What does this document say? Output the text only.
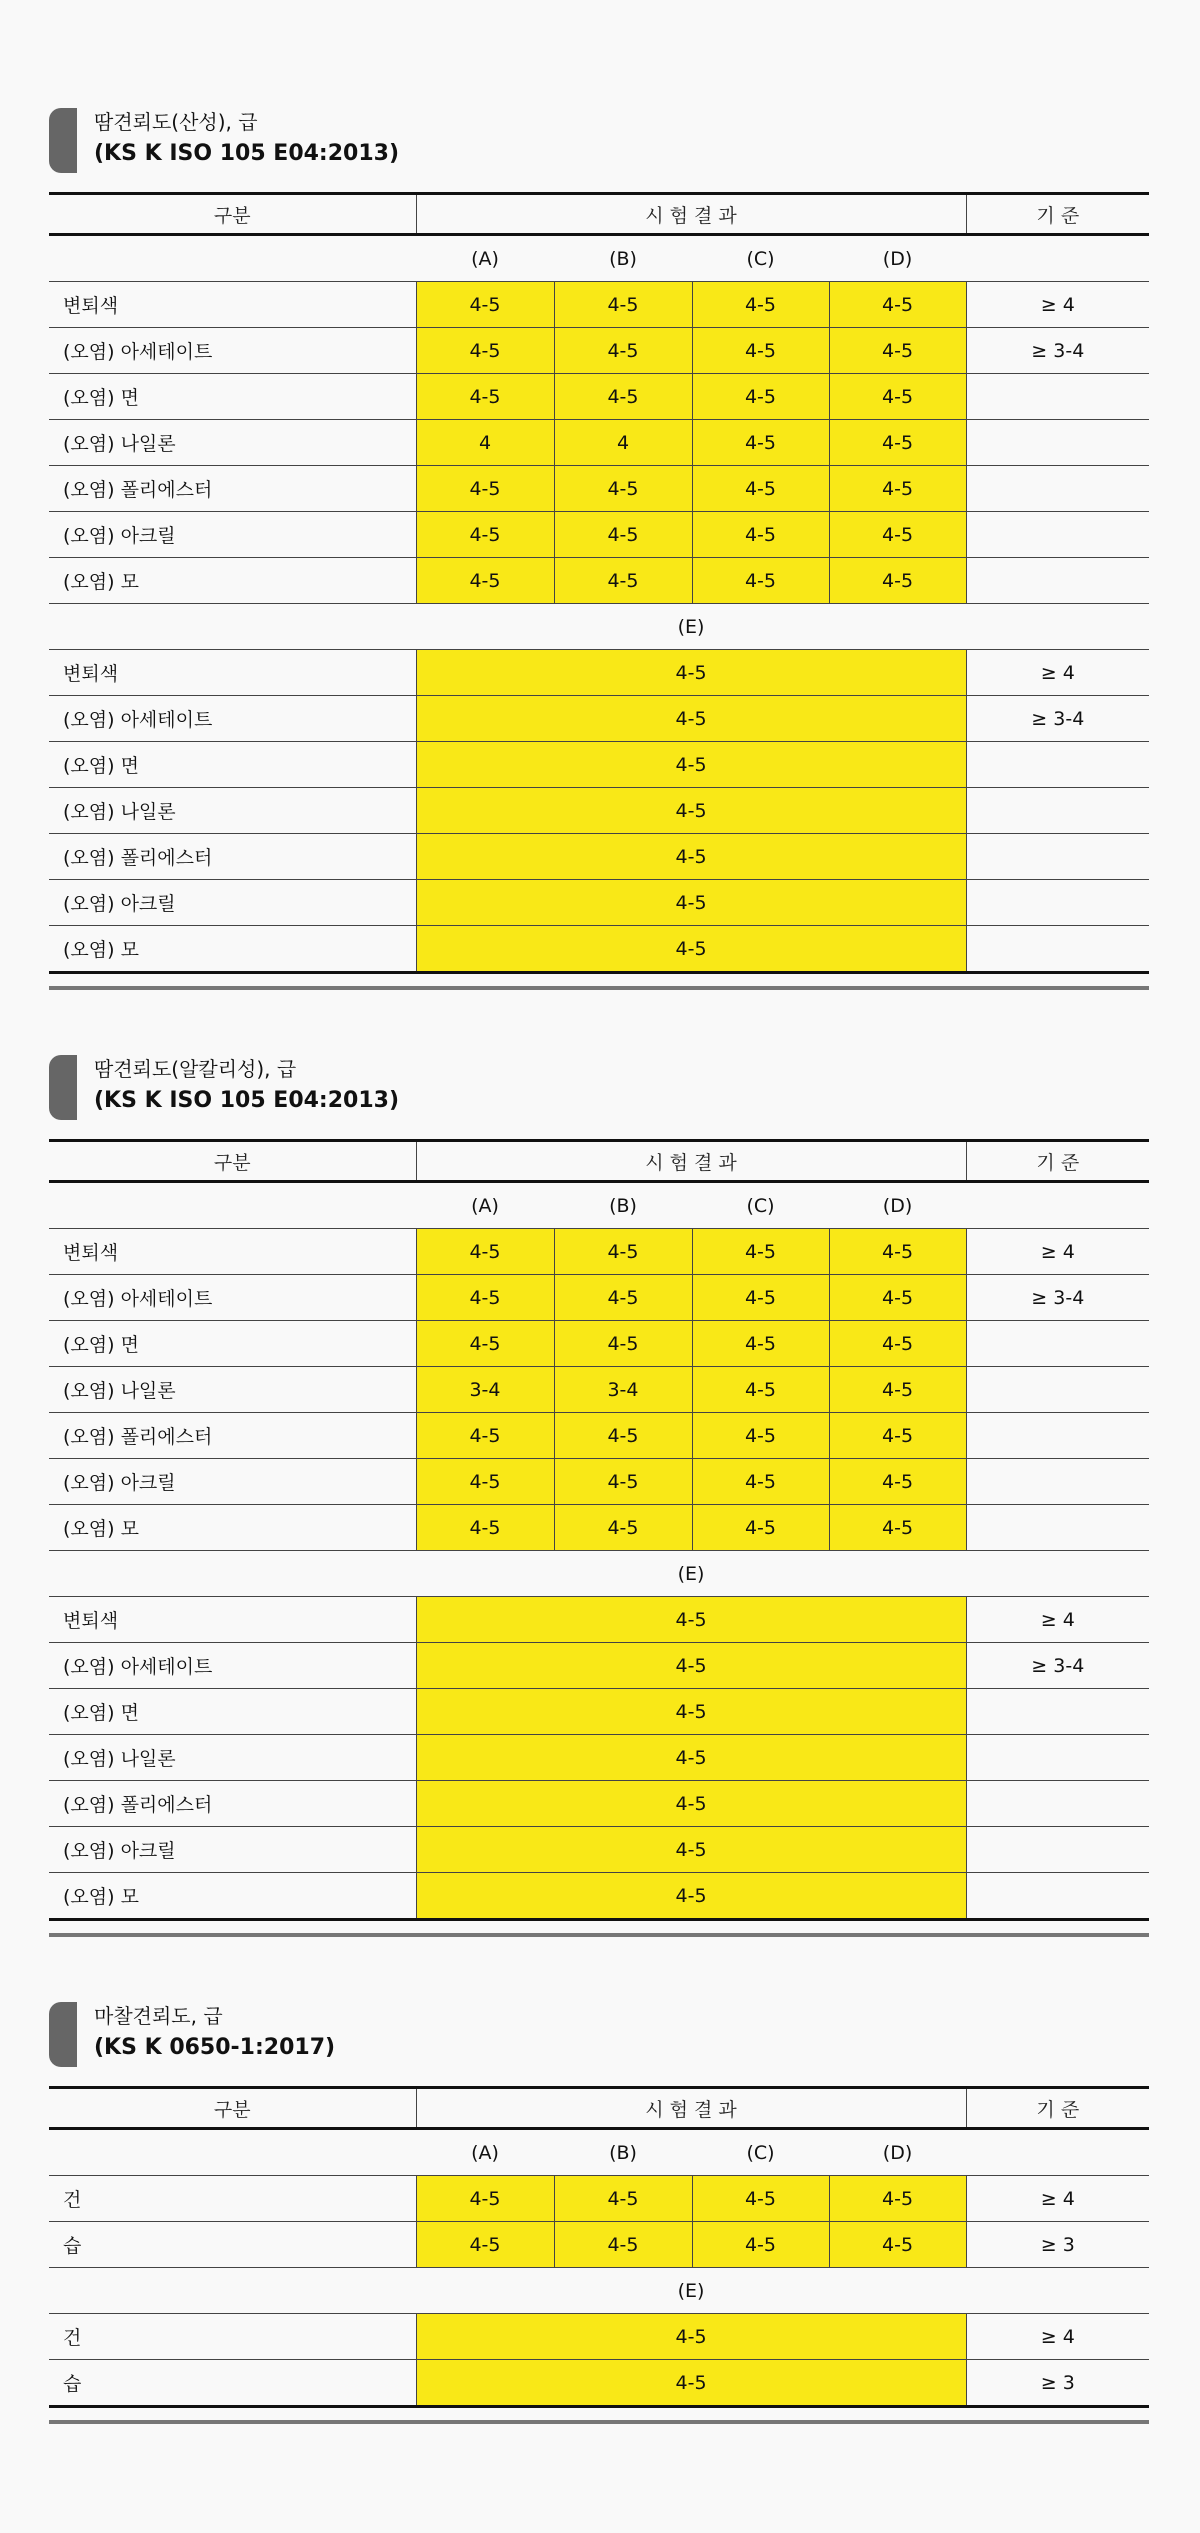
땀견뢰도(산성), 급
(KS K ISO 105 E04:2013)
구분	시 험 결 과				기 준
	(A)	(B)	(C)	(D)	
변퇴색	4-5	4-5	4-5	4-5	≥ 4
(오염) 아세테이트	4-5	4-5	4-5	4-5	≥ 3-4
(오염) 면	4-5	4-5	4-5	4-5	
(오염) 나일론	4	4	4-5	4-5	
(오염) 폴리에스터	4-5	4-5	4-5	4-5	
(오염) 아크릴	4-5	4-5	4-5	4-5	
(오염) 모	4-5	4-5	4-5	4-5	
	(E)				
변퇴색	4-5				≥ 4
(오염) 아세테이트	4-5				≥ 3-4
(오염) 면	4-5				
(오염) 나일론	4-5				
(오염) 폴리에스터	4-5				
(오염) 아크릴	4-5				
(오염) 모	4-5				
땀견뢰도(알칼리성), 급
(KS K ISO 105 E04:2013)
구분	시 험 결 과				기 준
	(A)	(B)	(C)	(D)	
변퇴색	4-5	4-5	4-5	4-5	≥ 4
(오염) 아세테이트	4-5	4-5	4-5	4-5	≥ 3-4
(오염) 면	4-5	4-5	4-5	4-5	
(오염) 나일론	3-4	3-4	4-5	4-5	
(오염) 폴리에스터	4-5	4-5	4-5	4-5	
(오염) 아크릴	4-5	4-5	4-5	4-5	
(오염) 모	4-5	4-5	4-5	4-5	
	(E)				
변퇴색	4-5				≥ 4
(오염) 아세테이트	4-5				≥ 3-4
(오염) 면	4-5				
(오염) 나일론	4-5				
(오염) 폴리에스터	4-5				
(오염) 아크릴	4-5				
(오염) 모	4-5				
마찰견뢰도, 급
(KS K 0650-1:2017)
구분	시 험 결 과				기 준
	(A)	(B)	(C)	(D)	
건	4-5	4-5	4-5	4-5	≥ 4
습	4-5	4-5	4-5	4-5	≥ 3
	(E)				
건	4-5				≥ 4
습	4-5				≥ 3
